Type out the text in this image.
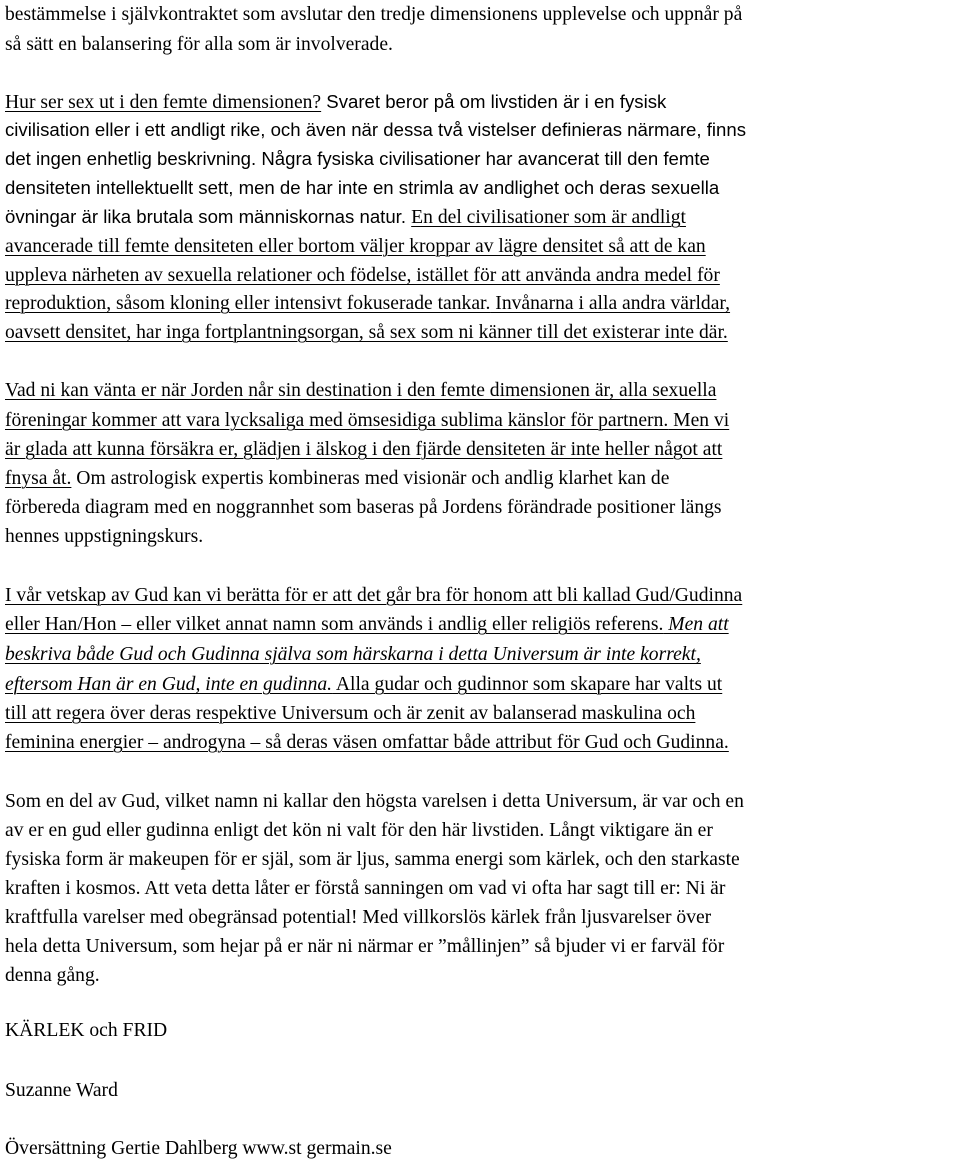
bestämmelse i självkontraktet som avslutar den tredje dimensionens upplevelse och uppnår på
så sätt en balansering för alla som är involverade.
Hur ser sex ut i den femte dimensionen? Svaret beror på om livstiden är i en fysisk
civilisation eller i ett andligt rike, och även när dessa två vistelser definieras närmare, finns
det ingen enhetlig beskrivning. Några fysiska civilisationer har avancerat till den femte
densiteten intellektuellt sett, men de har inte en strimla av andlighet och deras sexuella
övningar är lika brutala som människornas natur. En del civilisationer som är andligt
avancerade till femte densiteten eller bortom väljer kroppar av lägre densitet så att de kan
uppleva närheten av sexuella relationer och födelse, istället för att använda andra medel för
reproduktion, såsom kloning eller intensivt fokuserade tankar. Invånarna i alla andra världar,
oavsett densitet, har inga fortplantningsorgan, så sex som ni känner till det existerar inte där.
Vad ni kan vänta er när Jorden når sin destination i den femte dimensionen är, alla sexuella
föreningar kommer att vara lycksaliga med ömsesidiga sublima känslor för partnern. Men vi
är glada att kunna försäkra er, glädjen i älskog i den fjärde densiteten är inte heller något att
fnysa åt. Om astrologisk expertis kombineras med visionär och andlig klarhet kan de
förbereda diagram med en noggrannhet som baseras på Jordens förändrade positioner längs
hennes uppstigningskurs.
I vår vetskap av Gud kan vi berätta för er att det går bra för honom att bli kallad Gud/Gudinna
eller Han/Hon – eller vilket annat namn som används i andlig eller religiös referens. Men att
beskriva både Gud och Gudinna själva som härskarna i detta Universum är inte korrekt,
eftersom Han är en Gud, inte en gudinna. Alla gudar och gudinnor som skapare har valts ut
till att regera över deras respektive Universum och är zenit av balanserad maskulina och
feminina energier – androgyna – så deras väsen omfattar både attribut för Gud och Gudinna.
Som en del av Gud, vilket namn ni kallar den högsta varelsen i detta Universum, är var och en
av er en gud eller gudinna enligt det kön ni valt för den här livstiden. Långt viktigare än er
fysiska form är makeupen för er själ, som är ljus, samma energi som kärlek, och den starkaste
kraften i kosmos. Att veta detta låter er förstå sanningen om vad vi ofta har sagt till er: Ni är
kraftfulla varelser med obegränsad potential! Med villkorslös kärlek från ljusvarelser över
hela detta Universum, som hejar på er när ni närmar er ”mållinjen” så bjuder vi er farväl för
denna gång.
KÄRLEK och FRID
Suzanne Ward
Översättning Gertie Dahlberg www.st germain.se
